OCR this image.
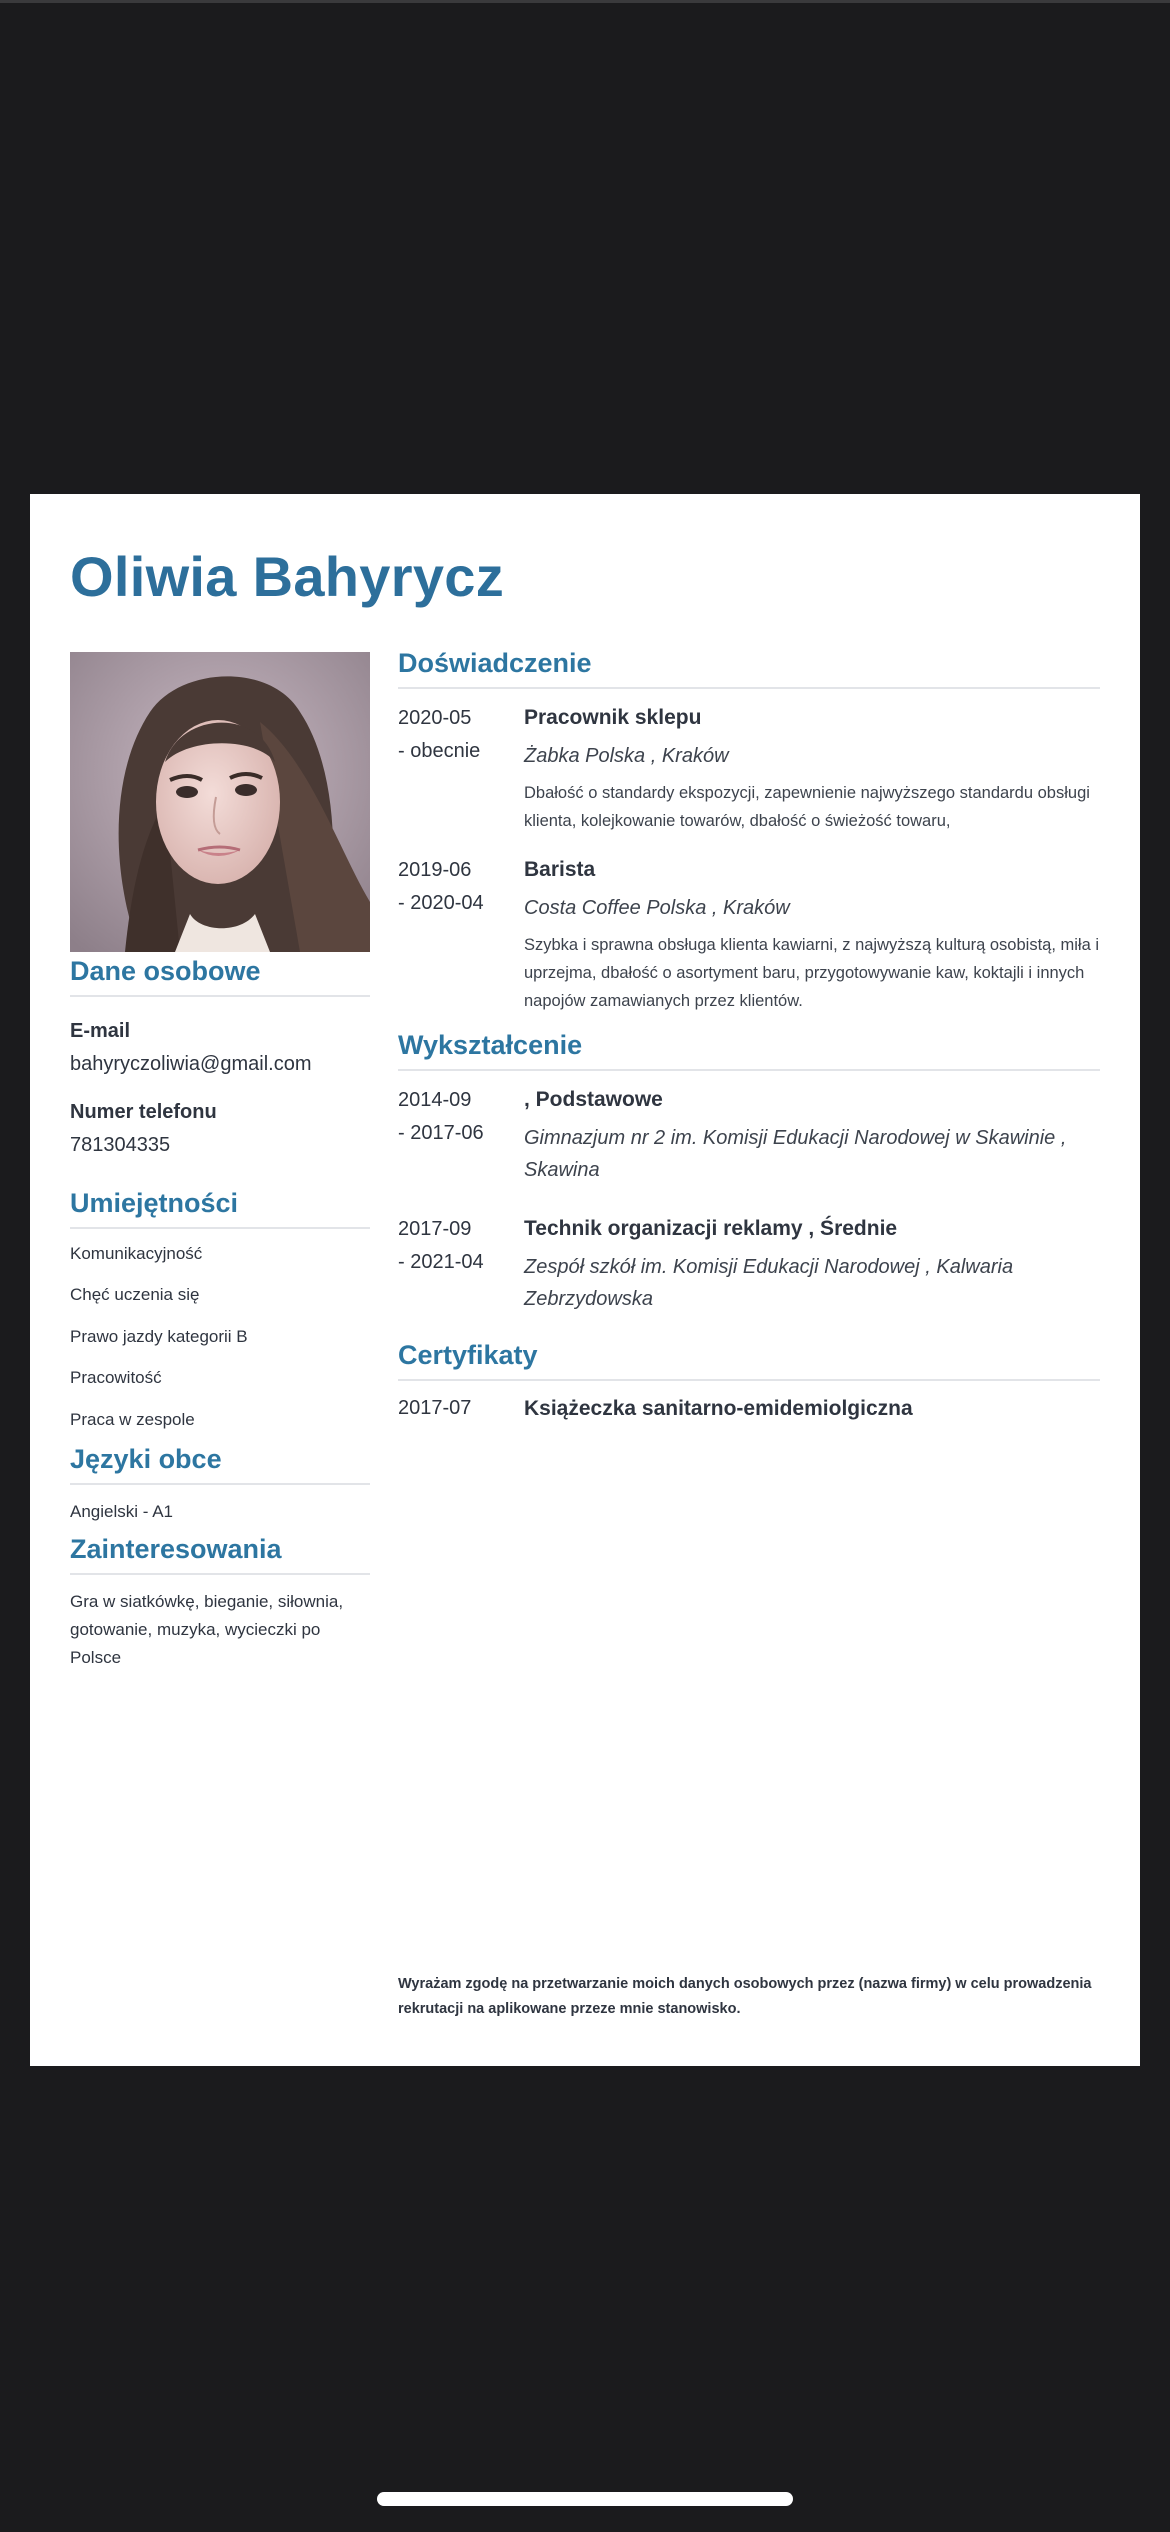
Oliwia Bahyrycz
Dane osobowe
E-mail
bahyryczoliwia@gmail.com
Numer telefonu
781304335
Umiejętności
Komunikacyjność
Chęć uczenia się
Prawo jazdy kategorii B
Pracowitość
Praca w zespole
Języki obce
Angielski - A1
Zainteresowania
Gra w siatkówkę, bieganie, siłownia, gotowanie, muzyka, wycieczki po Polsce
Doświadczenie
2020-05
- obecnie
Pracownik sklepu
Żabka Polska , Kraków
Dbałość o standardy ekspozycji, zapewnienie najwyższego standardu obsługi klienta, kolejkowanie towarów, dbałość o świeżość towaru,
2019-06
- 2020-04
Barista
Costa Coffee Polska , Kraków
Szybka i sprawna obsługa klienta kawiarni, z najwyższą kulturą osobistą, miła i uprzejma, dbałość o asortyment baru, przygotowywanie kaw, koktajli i innych napojów zamawianych przez klientów.
Wykształcenie
2014-09
- 2017-06
, Podstawowe
Gimnazjum nr 2 im. Komisji Edukacji Narodowej w Skawinie , Skawina
2017-09
- 2021-04
Technik organizacji reklamy , Średnie
Zespół szkół im. Komisji Edukacji Narodowej , Kalwaria Zebrzydowska
Certyfikaty
2017-07	Książeczka sanitarno-emidemiolgiczna
Wyrażam zgodę na przetwarzanie moich danych osobowych przez (nazwa firmy) w celu prowadzenia rekrutacji na aplikowane przeze mnie stanowisko.
